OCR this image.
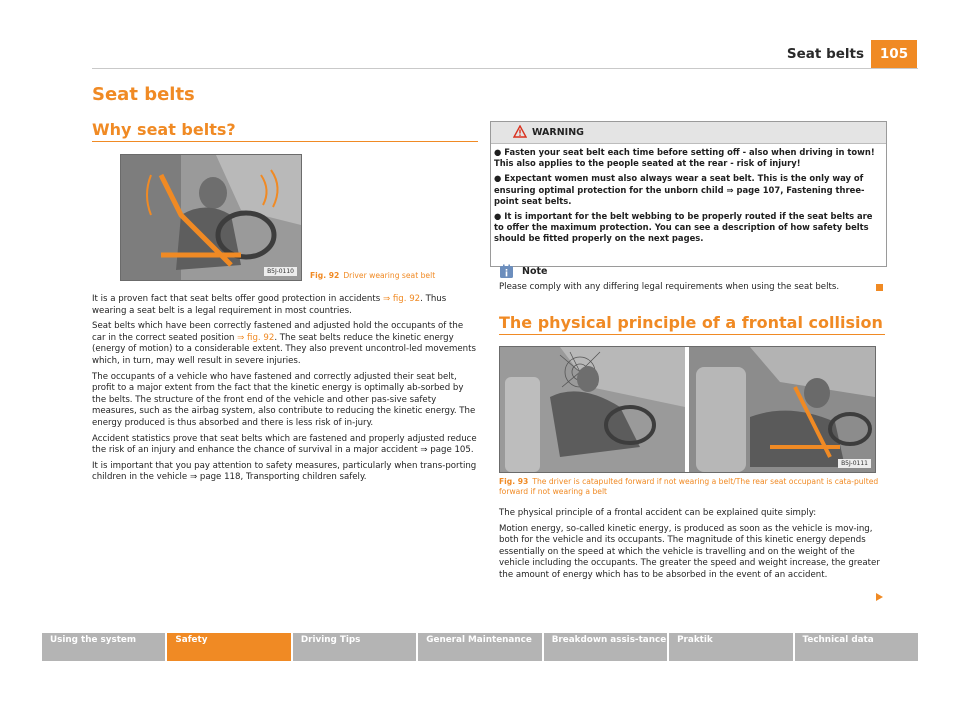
Seat belts	105
Seat belts
Why seat belts?
B5J-0110	Fig. 92 Driver wearing seat belt

It is a proven fact that seat belts offer good protection in accidents ⇒ fig. 92. Thus wearing a seat belt is a legal requirement in most countries.

Seat belts which have been correctly fastened and adjusted hold the occupants of the car in the correct seated position ⇒ fig. 92. The seat belts reduce the kinetic energy (energy of motion) to a considerable extent. They also prevent uncontrol-led movements which, in turn, may well result in severe injuries.

The occupants of a vehicle who have fastened and correctly adjusted their seat belt, profit to a major extent from the fact that the kinetic energy is optimally ab-sorbed by the belts. The structure of the front end of the vehicle and other pas-sive safety measures, such as the airbag system, also contribute to reducing the kinetic energy. The energy produced is thus absorbed and there is less risk of in-jury.

Accident statistics prove that seat belts which are fastened and properly adjusted reduce the risk of an injury and enhance the chance of survival in a major accident ⇒ page 105.

It is important that you pay attention to safety measures, particularly when trans-porting children in the vehicle ⇒ page 118, Transporting children safely.

WARNING

● Fasten your seat belt each time before setting off - also when driving in town! This also applies to the people seated at the rear - risk of injury!

● Expectant women must also always wear a seat belt. This is the only way of ensuring optimal protection for the unborn child ⇒ page 107, Fastening three-point seat belts.

● It is important for the belt webbing to be properly routed if the seat belts are to offer the maximum protection. You can see a description of how safety belts should be fitted properly on the next pages.

Note
Please comply with any differing legal requirements when using the seat belts.
The physical principle of a frontal collision
B5J-0111
Fig. 93 The driver is catapulted forward if not wearing a belt/The rear seat occupant is cata-pulted forward if not wearing a belt

The physical principle of a frontal accident can be explained quite simply:

Motion energy, so-called kinetic energy, is produced as soon as the vehicle is mov-ing, both for the vehicle and its occupants. The magnitude of this kinetic energy depends essentially on the speed at which the vehicle is travelling and on the weight of the vehicle including the occupants. The greater the speed and weight increase, the greater the amount of energy which has to be absorbed in the event of an accident.

Using the system	Safety	Driving Tips	General Maintenance	Breakdown assis-tance	Praktik	Technical data
